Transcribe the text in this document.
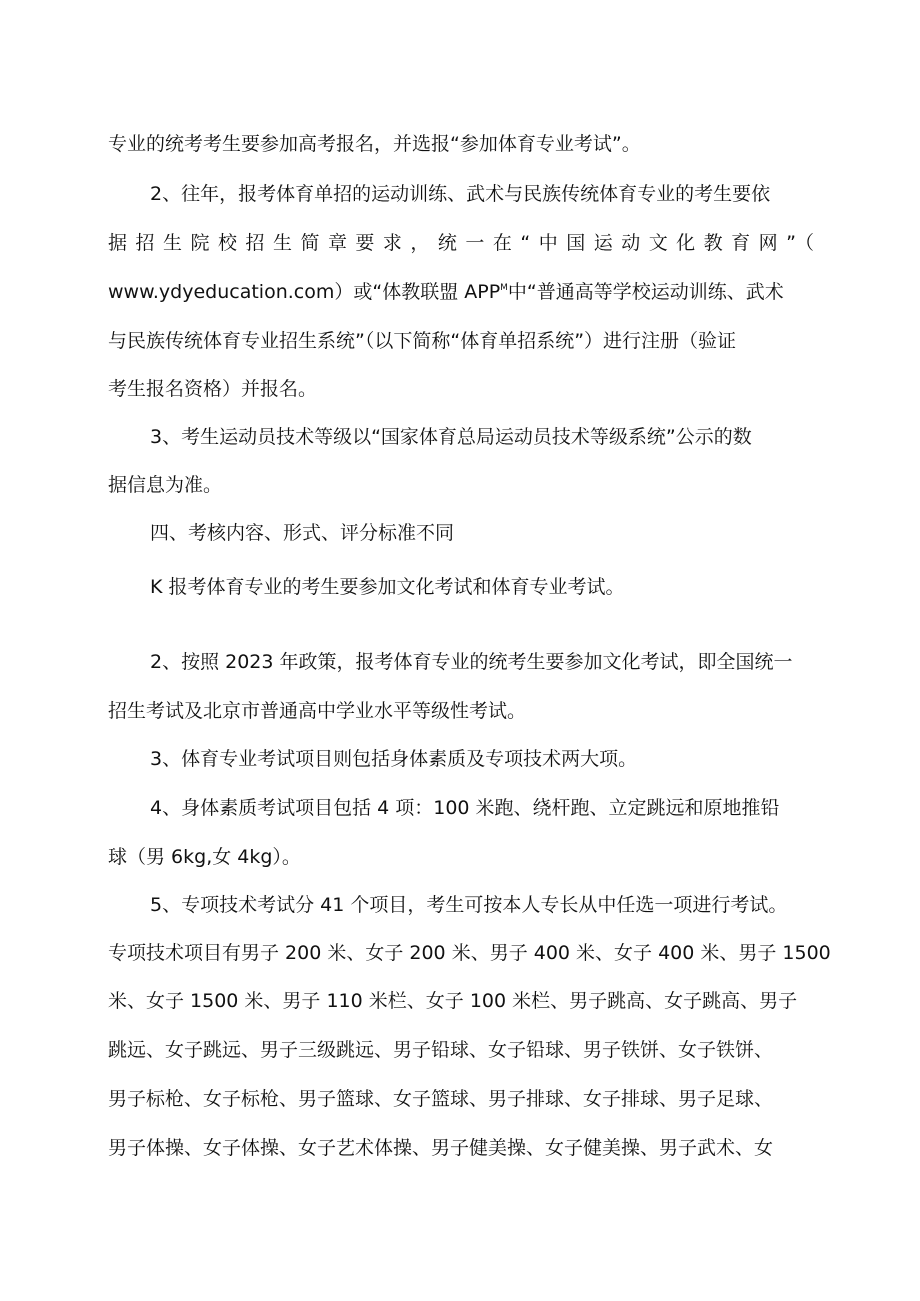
专业的统考考生要参加高考报名，并选报“参加体育专业考试”。
2、往年，报考体育单招的运动训练、武术与民族传统体育专业的考生要依
据招生院校招生简章要求，统一在“中国运动文化教育网”（
www.ydyeducation.com）或“体教联盟 $APP^M$中“普通高等学校运动训练、武术
与民族传统体育专业招生系统”（以下简称“体育单招系统”）进行注册（验证
考生报名资格）并报名。
3、考生运动员技术等级以“国家体育总局运动员技术等级系统”公示的数
据信息为准。
四、考核内容、形式、评分标准不同
K 报考体育专业的考生要参加文化考试和体育专业考试。
2、按照 2023 年政策，报考体育专业的统考生要参加文化考试，即全国统一
招生考试及北京市普通高中学业水平等级性考试。
3、体育专业考试项目则包括身体素质及专项技术两大项。
4、身体素质考试项目包括 4 项：100 米跑、绕杆跑、立定跳远和原地推铅
球（男 6kg,女 4kg）。
5、专项技术考试分 41 个项目，考生可按本人专长从中任选一项进行考试。
专项技术项目有男子 200 米、女子 200 米、男子 400 米、女子 400 米、男子 1500
米、女子 1500 米、男子 110 米栏、女子 100 米栏、男子跳高、女子跳高、男子
跳远、女子跳远、男子三级跳远、男子铅球、女子铅球、男子铁饼、女子铁饼、
男子标枪、女子标枪、男子篮球、女子篮球、男子排球、女子排球、男子足球、
男子体操、女子体操、女子艺术体操、男子健美操、女子健美操、男子武术、女
